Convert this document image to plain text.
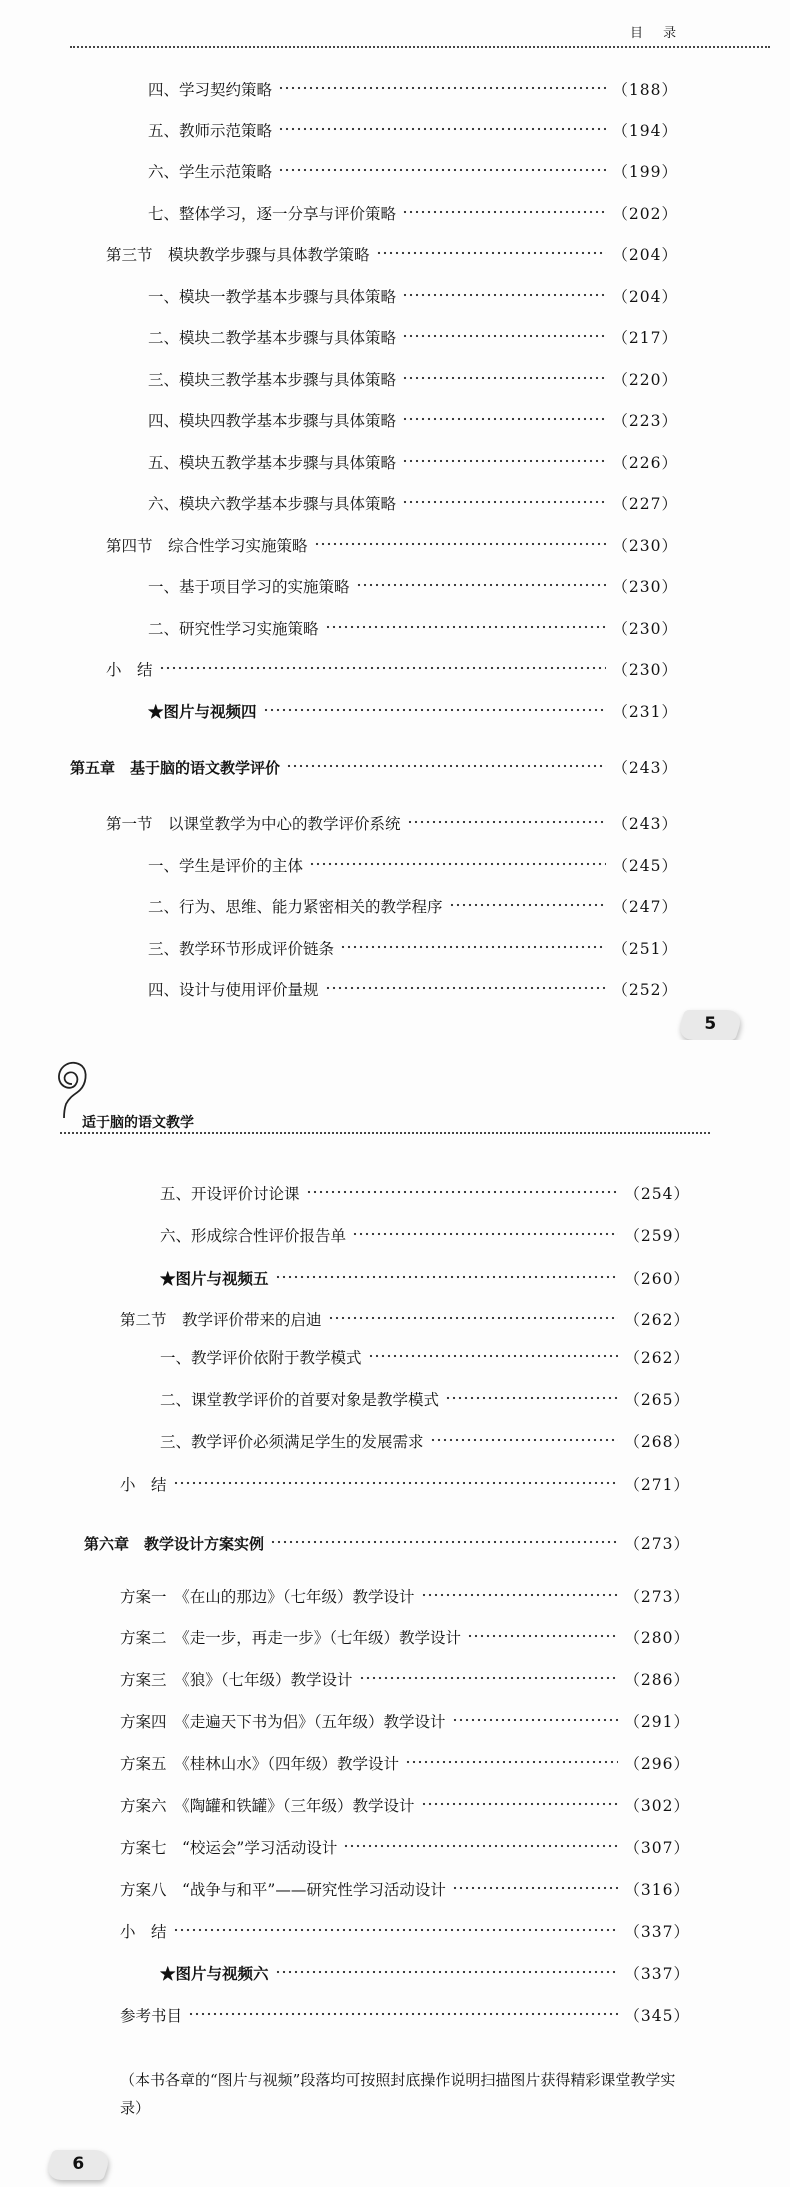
目 录
四、学习契约策略	（188）
五、教师示范策略	（194）
六、学生示范策略	（199）
七、整体学习，逐一分享与评价策略	（202）
第三节　模块教学步骤与具体教学策略	（204）
一、模块一教学基本步骤与具体策略	（204）
二、模块二教学基本步骤与具体策略	（217）
三、模块三教学基本步骤与具体策略	（220）
四、模块四教学基本步骤与具体策略	（223）
五、模块五教学基本步骤与具体策略	（226）
六、模块六教学基本步骤与具体策略	（227）
第四节　综合性学习实施策略	（230）
一、基于项目学习的实施策略	（230）
二、研究性学习实施策略	（230）
小　结	（230）
★图片与视频四	（231）
第五章　基于脑的语文教学评价	（243）
第一节　以课堂教学为中心的教学评价系统	（243）
一、学生是评价的主体	（245）
二、行为、思维、能力紧密相关的教学程序	（247）
三、教学环节形成评价链条	（251）
四、设计与使用评价量规	（252）
5
适于脑的语文教学
五、开设评价讨论课	（254）
六、形成综合性评价报告单	（259）
★图片与视频五	（260）
第二节　教学评价带来的启迪	（262）
一、教学评价依附于教学模式	（262）
二、课堂教学评价的首要对象是教学模式	（265）
三、教学评价必须满足学生的发展需求	（268）
小　结	（271）
第六章　教学设计方案实例	（273）
方案一　《在山的那边》（七年级）教学设计	（273）
方案二　《走一步，再走一步》（七年级）教学设计	（280）
方案三　《狼》（七年级）教学设计	（286）
方案四　《走遍天下书为侣》（五年级）教学设计	（291）
方案五　《桂林山水》（四年级）教学设计	（296）
方案六　《陶罐和铁罐》（三年级）教学设计	（302）
方案七　“校运会”学习活动设计	（307）
方案八　“战争与和平”——研究性学习活动设计	（316）
小　结	（337）
★图片与视频六	（337）
参考书目	（345）
（本书各章的“图片与视频”段落均可按照封底操作说明扫描图片获得精彩课堂教学实录）
6
